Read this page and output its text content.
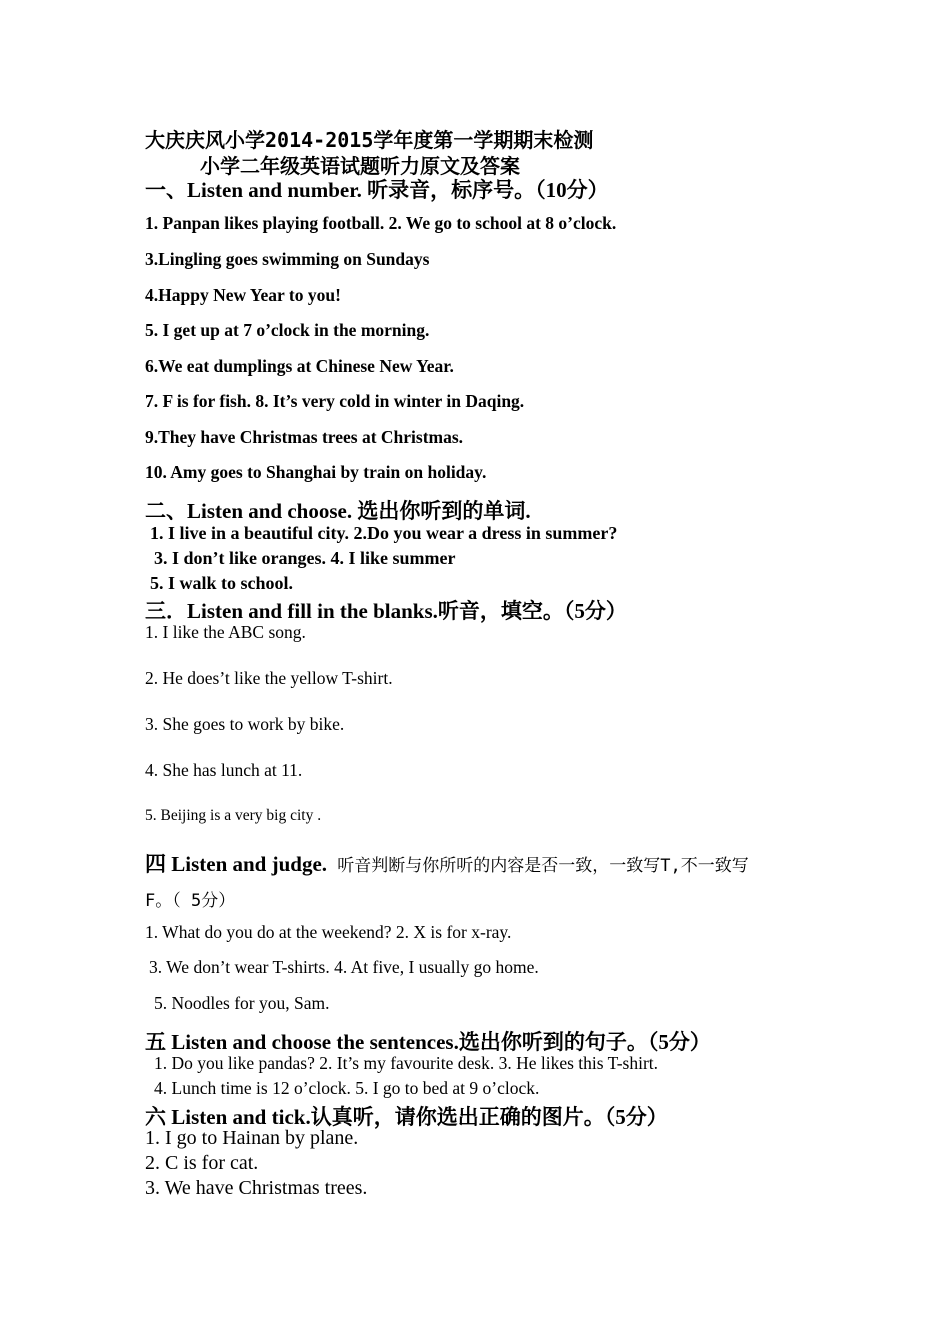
大庆庆风小学2014-2015学年度第一学期期末检测
小学二年级英语试题听力原文及答案
一、Listen and number. 听录音，标序号。（10分）
1. Panpan likes playing football. 2. We go to school at 8 o’clock.
3.Lingling goes swimming on Sundays
4.Happy New Year to you!
5. I get up at 7 o’clock in the morning.
6.We eat dumplings at Chinese New Year.
7. F is for fish. 8. It’s very cold in winter in Daqing.
9.They have Christmas trees at Christmas.
10. Amy goes to Shanghai by train on holiday.
二、Listen and choose. 选出你听到的单词.
1. I live in a beautiful city. 2.Do you wear a dress in summer?
3. I don’t like oranges. 4. I like summer
5. I walk to school.
三．Listen and fill in the blanks.听音，填空。（5分）
1. I like the ABC song.
2. He does’t like the yellow T-shirt.
3. She goes to work by bike.
4. She has lunch at 11.
5. Beijing is a very big city .
四 Listen and judge. 听音判断与你所听的内容是否一致，一致写T,不一致写
F。（ 5分）
1. What do you do at the weekend? 2. X is for x-ray.
3. We don’t wear T-shirts. 4. At five, I usually go home.
5. Noodles for you, Sam.
五 Listen and choose the sentences.选出你听到的句子。（5分）
1. Do you like pandas? 2. It’s my favourite desk. 3. He likes this T-shirt.
4. Lunch time is 12 o’clock. 5. I go to bed at 9 o’clock.
六 Listen and tick.认真听，请你选出正确的图片。（5分）
1. I go to Hainan by plane.
2. C is for cat.
3. We have Christmas trees.
